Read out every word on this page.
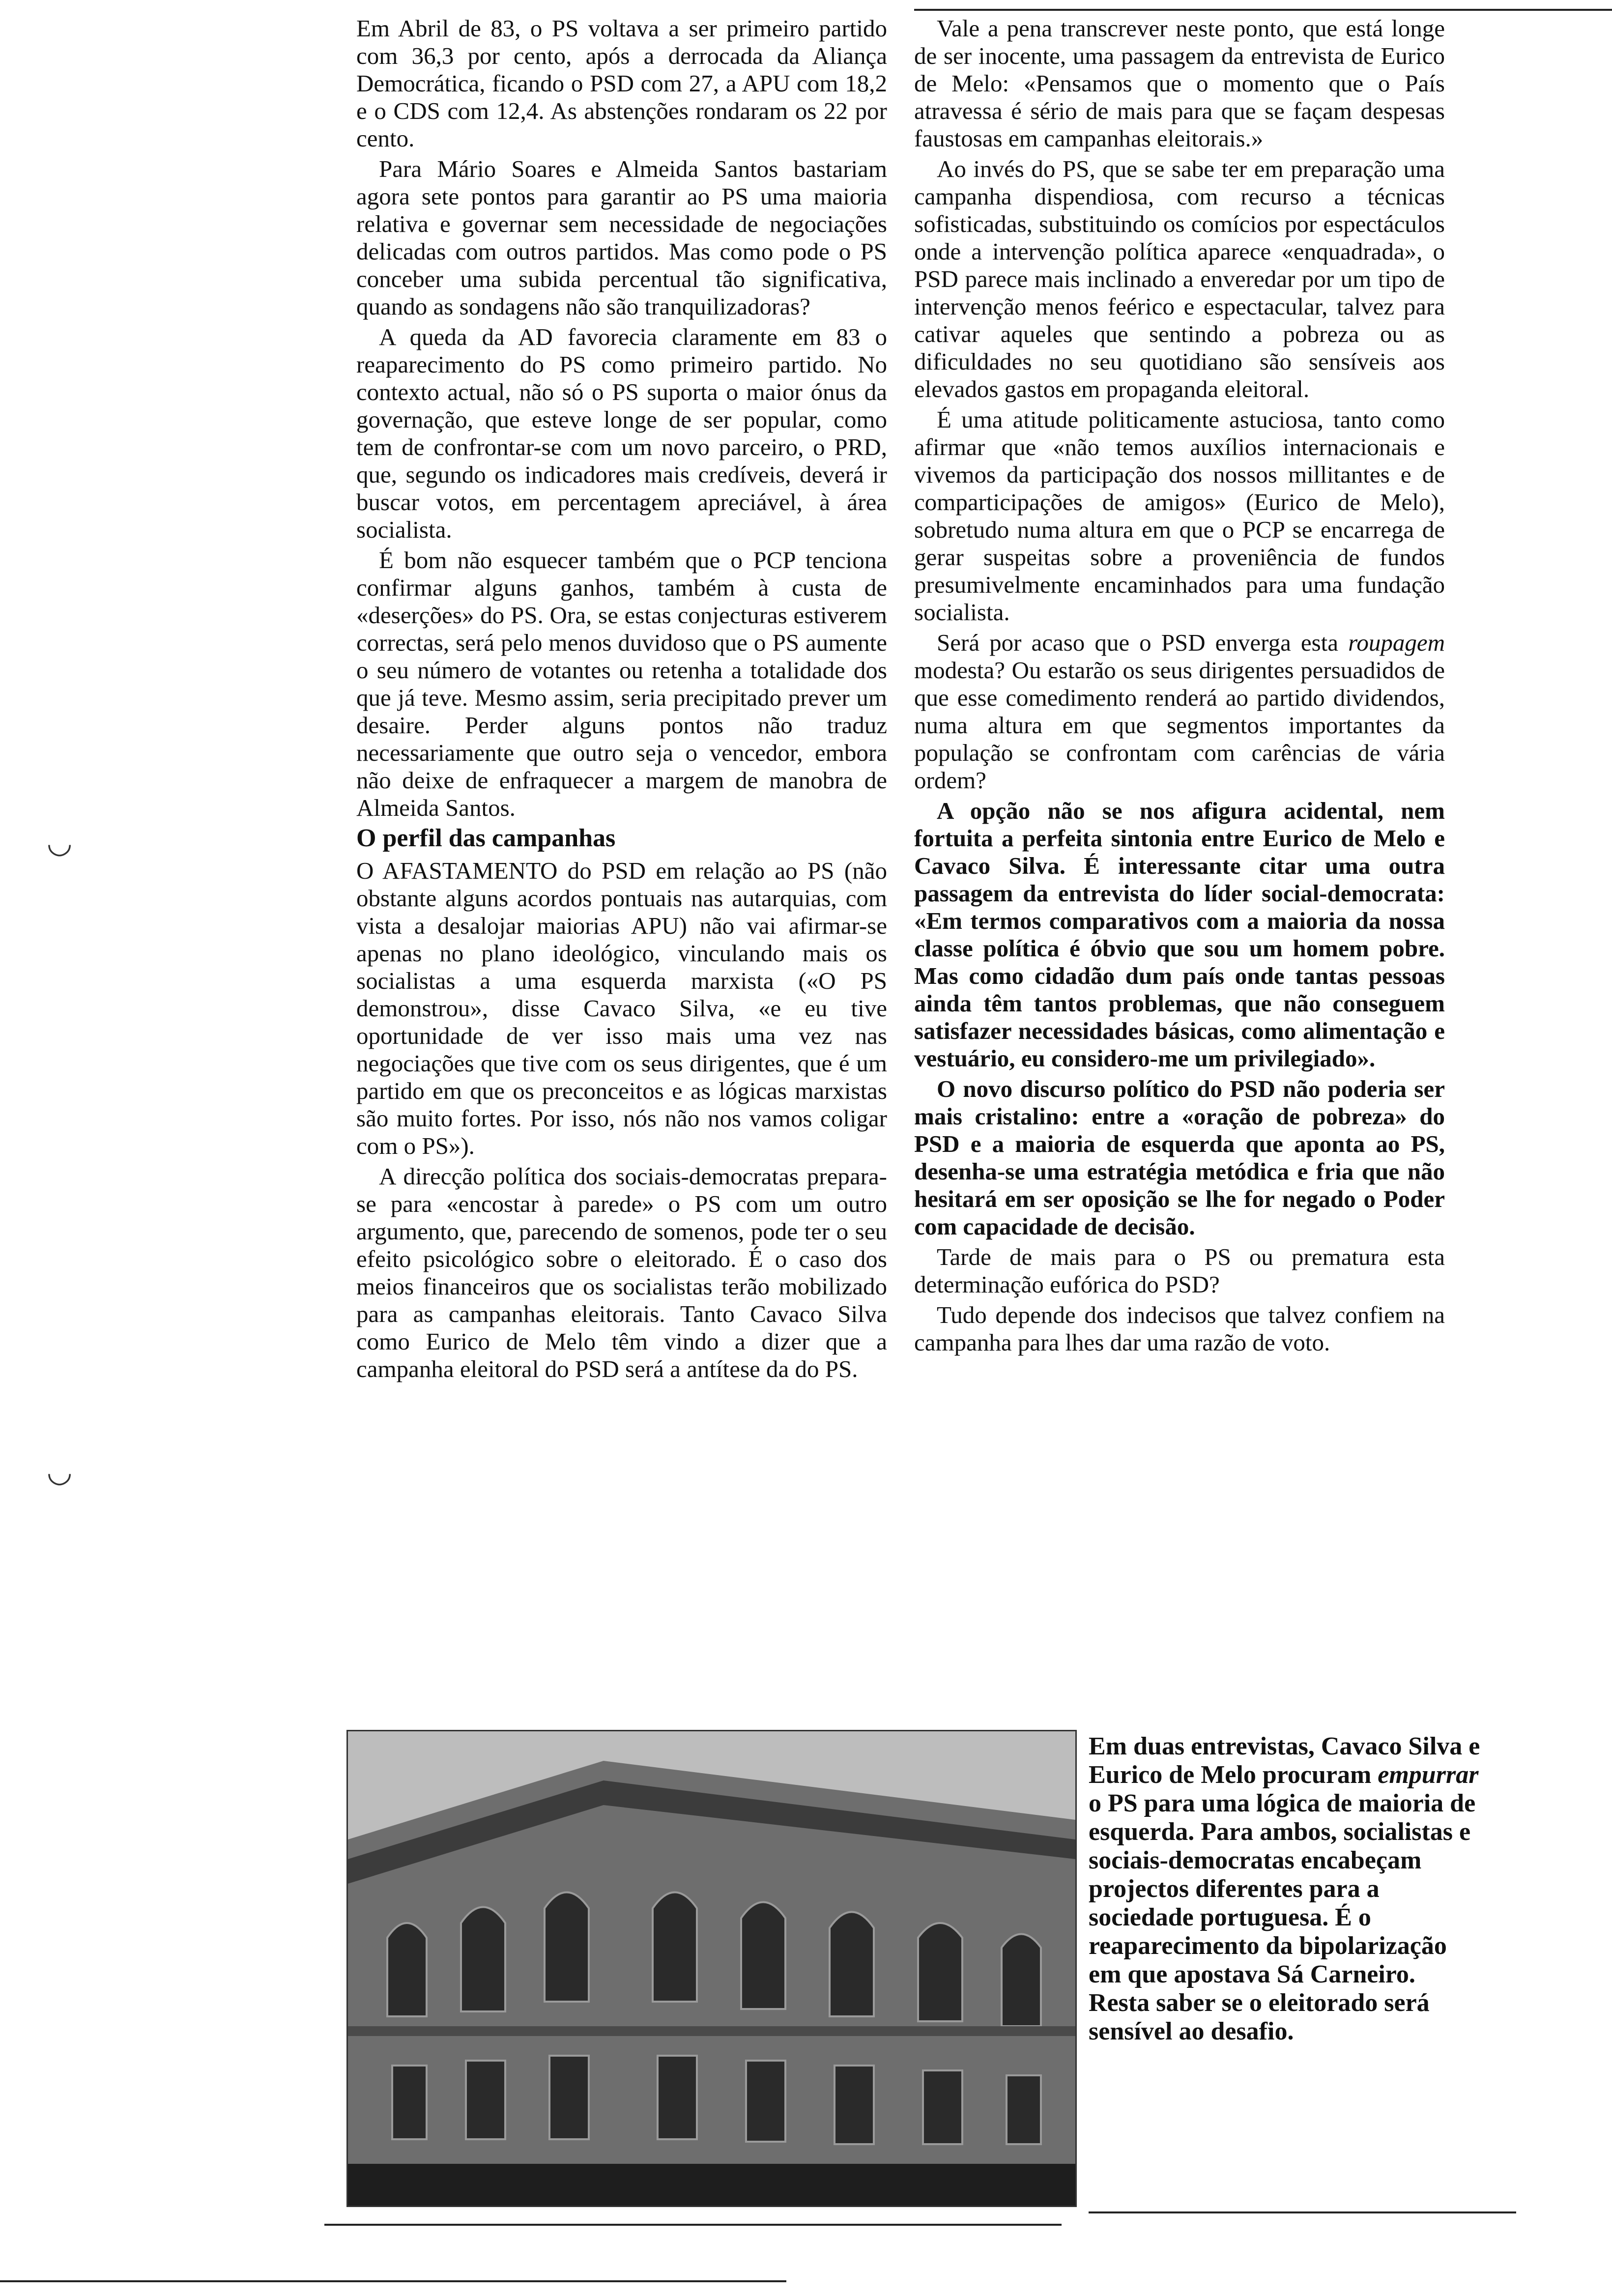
◡
◡

Em Abril de 83, o PS voltava a ser primeiro partido com 36,3 por cento, após a derrocada da Aliança Democrática, ficando o PSD com 27, a APU com 18,2 e o CDS com 12,4. As abstenções rondaram os 22 por cento.

Para Mário Soares e Almeida Santos bastariam agora sete pontos para garantir ao PS uma maioria relativa e governar sem necessidade de negociações delicadas com outros partidos. Mas como pode o PS conceber uma subida percentual tão significativa, quando as sondagens não são tranquilizadoras?

A queda da AD favorecia claramente em 83 o reaparecimento do PS como primeiro partido. No contexto actual, não só o PS suporta o maior ónus da governação, que esteve longe de ser popular, como tem de confrontar-se com um novo parceiro, o PRD, que, segundo os indicadores mais credíveis, deverá ir buscar votos, em percentagem apreciável, à área socialista.

É bom não esquecer também que o PCP tenciona confirmar alguns ganhos, também à custa de «deserções» do PS. Ora, se estas conjecturas estiverem correctas, será pelo menos duvidoso que o PS aumente o seu número de votantes ou retenha a totalidade dos que já teve. Mesmo assim, seria precipitado prever um desaire. Perder alguns pontos não traduz necessariamente que outro seja o vencedor, embora não deixe de enfraquecer a margem de manobra de Almeida Santos.

O perfil das campanhas

O AFASTAMENTO do PSD em relação ao PS (não obstante alguns acordos pontuais nas autarquias, com vista a desalojar maiorias APU) não vai afirmar-se apenas no plano ideológico, vinculando mais os socialistas a uma esquerda marxista («O PS demonstrou», disse Cavaco Silva, «e eu tive oportunidade de ver isso mais uma vez nas negociações que tive com os seus dirigentes, que é um partido em que os preconceitos e as lógicas marxistas são muito fortes. Por isso, nós não nos vamos coligar com o PS»).

A direcção política dos sociais-democratas prepara-se para «encostar à parede» o PS com um outro argumento, que, parecendo de somenos, pode ter o seu efeito psicológico sobre o eleitorado. É o caso dos meios financeiros que os socialistas terão mobilizado para as campanhas eleitorais. Tanto Cavaco Silva como Eurico de Melo têm vindo a dizer que a campanha eleitoral do PSD será a antítese da do PS.

Vale a pena transcrever neste ponto, que está longe de ser inocente, uma passagem da entrevista de Eurico de Melo: «Pensamos que o momento que o País atravessa é sério de mais para que se façam despesas faustosas em campanhas eleitorais.»

Ao invés do PS, que se sabe ter em preparação uma campanha dispendiosa, com recurso a técnicas sofisticadas, substituindo os comícios por espectáculos onde a intervenção política aparece «enquadrada», o PSD parece mais inclinado a enveredar por um tipo de intervenção menos feérico e espectacular, talvez para cativar aqueles que sentindo a pobreza ou as dificuldades no seu quotidiano são sensíveis aos elevados gastos em propaganda eleitoral.

É uma atitude politicamente astuciosa, tanto como afirmar que «não temos auxílios internacionais e vivemos da participação dos nossos millitantes e de comparticipações de amigos» (Eurico de Melo), sobretudo numa altura em que o PCP se encarrega de gerar suspeitas sobre a proveniência de fundos presumivelmente encaminhados para uma fundação socialista.

Será por acaso que o PSD enverga esta roupagem modesta? Ou estarão os seus dirigentes persuadidos de que esse comedimento renderá ao partido dividendos, numa altura em que segmentos importantes da população se confrontam com carências de vária ordem?

A opção não se nos afigura acidental, nem fortuita a perfeita sintonia entre Eurico de Melo e Cavaco Silva. É interessante citar uma outra passagem da entrevista do líder social-democrata: «Em termos comparativos com a maioria da nossa classe política é óbvio que sou um homem pobre. Mas como cidadão dum país onde tantas pessoas ainda têm tantos problemas, que não conseguem satisfazer necessidades básicas, como alimentação e vestuário, eu considero-me um privilegiado».

O novo discurso político do PSD não poderia ser mais cristalino: entre a «oração de pobreza» do PSD e a maioria de esquerda que aponta ao PS, desenha-se uma estratégia metódica e fria que não hesitará em ser oposição se lhe for negado o Poder com capacidade de decisão.

Tarde de mais para o PS ou prematura esta determinação eufórica do PSD?

Tudo depende dos indecisos que talvez confiem na campanha para lhes dar uma razão de voto.

Em duas entrevistas, Cavaco Silva e Eurico de Melo procuram empurrar o PS para uma lógica de maioria de esquerda. Para ambos, socialistas e sociais-democratas encabeçam projectos diferentes para a sociedade portuguesa. É o reaparecimento da bipolarização em que apostava Sá Carneiro. Resta saber se o eleitorado será sensível ao desafio.
